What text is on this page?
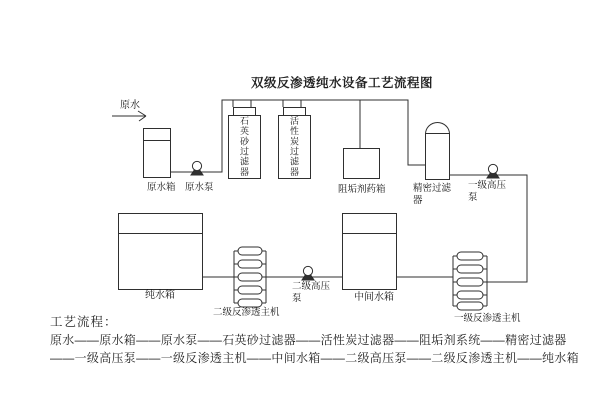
双级反渗透纯水设备工艺流程图
原水
原水箱 原水泵
石英砂过滤器	活性炭过滤器
阻垢剂药箱	精密过滤器
一级高压泵
纯水箱
二级反渗透主机
二级高压泵	中间水箱
一级反渗透主机

工艺流程：

原水——原水箱——原水泵——石英砂过滤器——活性炭过滤器——阻垢剂系统——精密过滤器

——一级高压泵——一级反渗透主机——中间水箱——二级高压泵——二级反渗透主机——纯水箱
